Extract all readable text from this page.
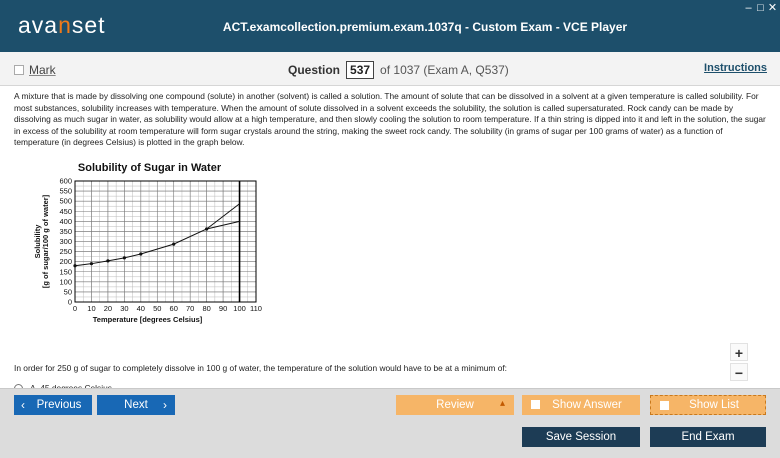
avanset	ACT.examcollection.premium.exam.1037q - Custom Exam - VCE Player
– □ ✕
Mark	Question 537 of 1037 (Exam A, Q537)	Instructions
A mixture that is made by dissolving one compound (solute) in another (solvent) is called a solution. The amount of solute that can be dissolved in a solvent at a given temperature is called solubility. For most substances, solubility increases with temperature. When the amount of solute dissolved in a solvent exceeds the solubility, the solution is called supersaturated. Rock candy can be made by dissolving as much sugar in water, as solubility would allow at a high temperature, and then slowly cooling the solution to room temperature. If a thin string is dipped into it and left in the solution, the sugar in excess of the solubility at room temperature will form sugar crystals around the string, making the sweet rock candy. The solubility (in grams of sugar per 100 grams of water) as a function of temperature (in degrees Celsius) is plotted in the graph below.
Solubility of Sugar in Water
0 10 20 30 40 50 60 70 80 90 100 110
0
50
100
150
200
250
300
350
400
450
500
550
600
Temperature [degrees Celsius]
Solubility [g of sugar/100 g of water]
In order for 250 g of sugar to completely dissolve in 100 g of water, the temperature of the solution would have to be at a minimum of:
+
−
‹ Previous	Next ›	Review	▴	Show Answer	Show List
Save Session	End Exam
